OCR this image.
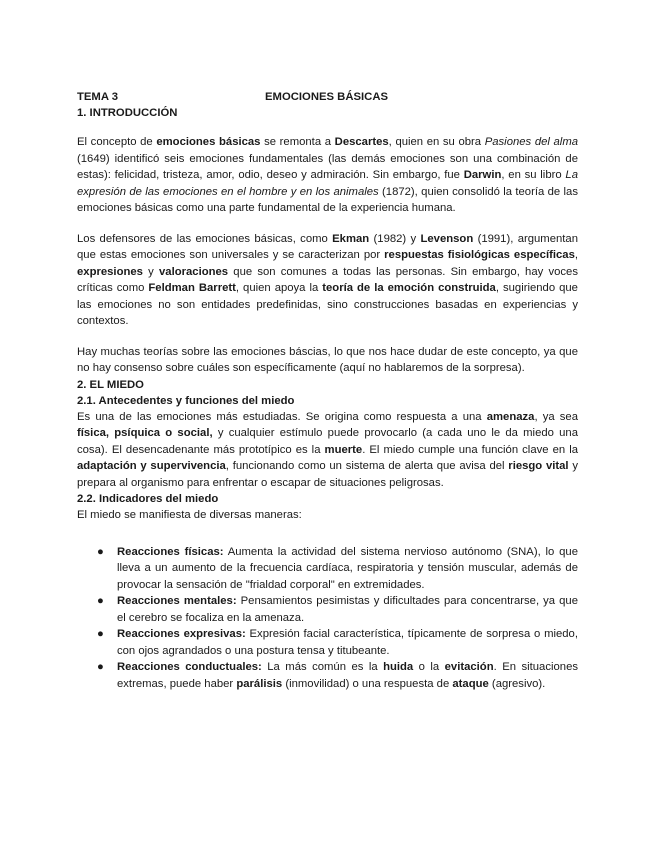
TEMA 3	EMOCIONES BÁSICAS
1. INTRODUCCIÓN

El concepto de emociones básicas se remonta a Descartes, quien en su obra Pasiones del alma (1649) identificó seis emociones fundamentales (las demás emociones son una combinación de estas): felicidad, tristeza, amor, odio, deseo y admiración. Sin embargo, fue Darwin, en su libro La expresión de las emociones en el hombre y en los animales (1872), quien consolidó la teoría de las emociones básicas como una parte fundamental de la experiencia humana.

Los defensores de las emociones básicas, como Ekman (1982) y Levenson (1991), argumentan que estas emociones son universales y se caracterizan por respuestas fisiológicas específicas, expresiones y valoraciones que son comunes a todas las personas. Sin embargo, hay voces críticas como Feldman Barrett, quien apoya la teoría de la emoción construida, sugiriendo que las emociones no son entidades predefinidas, sino construcciones basadas en experiencias y contextos.

Hay muchas teorías sobre las emociones báscias, lo que nos hace dudar de este concepto, ya que no hay consenso sobre cuáles son específicamente (aquí no hablaremos de la sorpresa).

2. EL MIEDO
2.1. Antecedentes y funciones del miedo

Es una de las emociones más estudiadas. Se origina como respuesta a una amenaza, ya sea física, psíquica o social, y cualquier estímulo puede provocarlo (a cada uno le da miedo una cosa). El desencadenante más prototípico es la muerte. El miedo cumple una función clave en la adaptación y supervivencia, funcionando como un sistema de alerta que avisa del riesgo vital y prepara al organismo para enfrentar o escapar de situaciones peligrosas.

2.2. Indicadores del miedo

El miedo se manifiesta de diversas maneras:

● Reacciones físicas: Aumenta la actividad del sistema nervioso autónomo (SNA), lo que lleva a un aumento de la frecuencia cardíaca, respiratoria y tensión muscular, además de provocar la sensación de "frialdad corporal" en extremidades.
● Reacciones mentales: Pensamientos pesimistas y dificultades para concentrarse, ya que el cerebro se focaliza en la amenaza.
● Reacciones expresivas: Expresión facial característica, típicamente de sorpresa o miedo, con ojos agrandados o una postura tensa y titubeante.
● Reacciones conductuales: La más común es la huida o la evitación. En situaciones extremas, puede haber parálisis (inmovilidad) o una respuesta de ataque (agresivo).
